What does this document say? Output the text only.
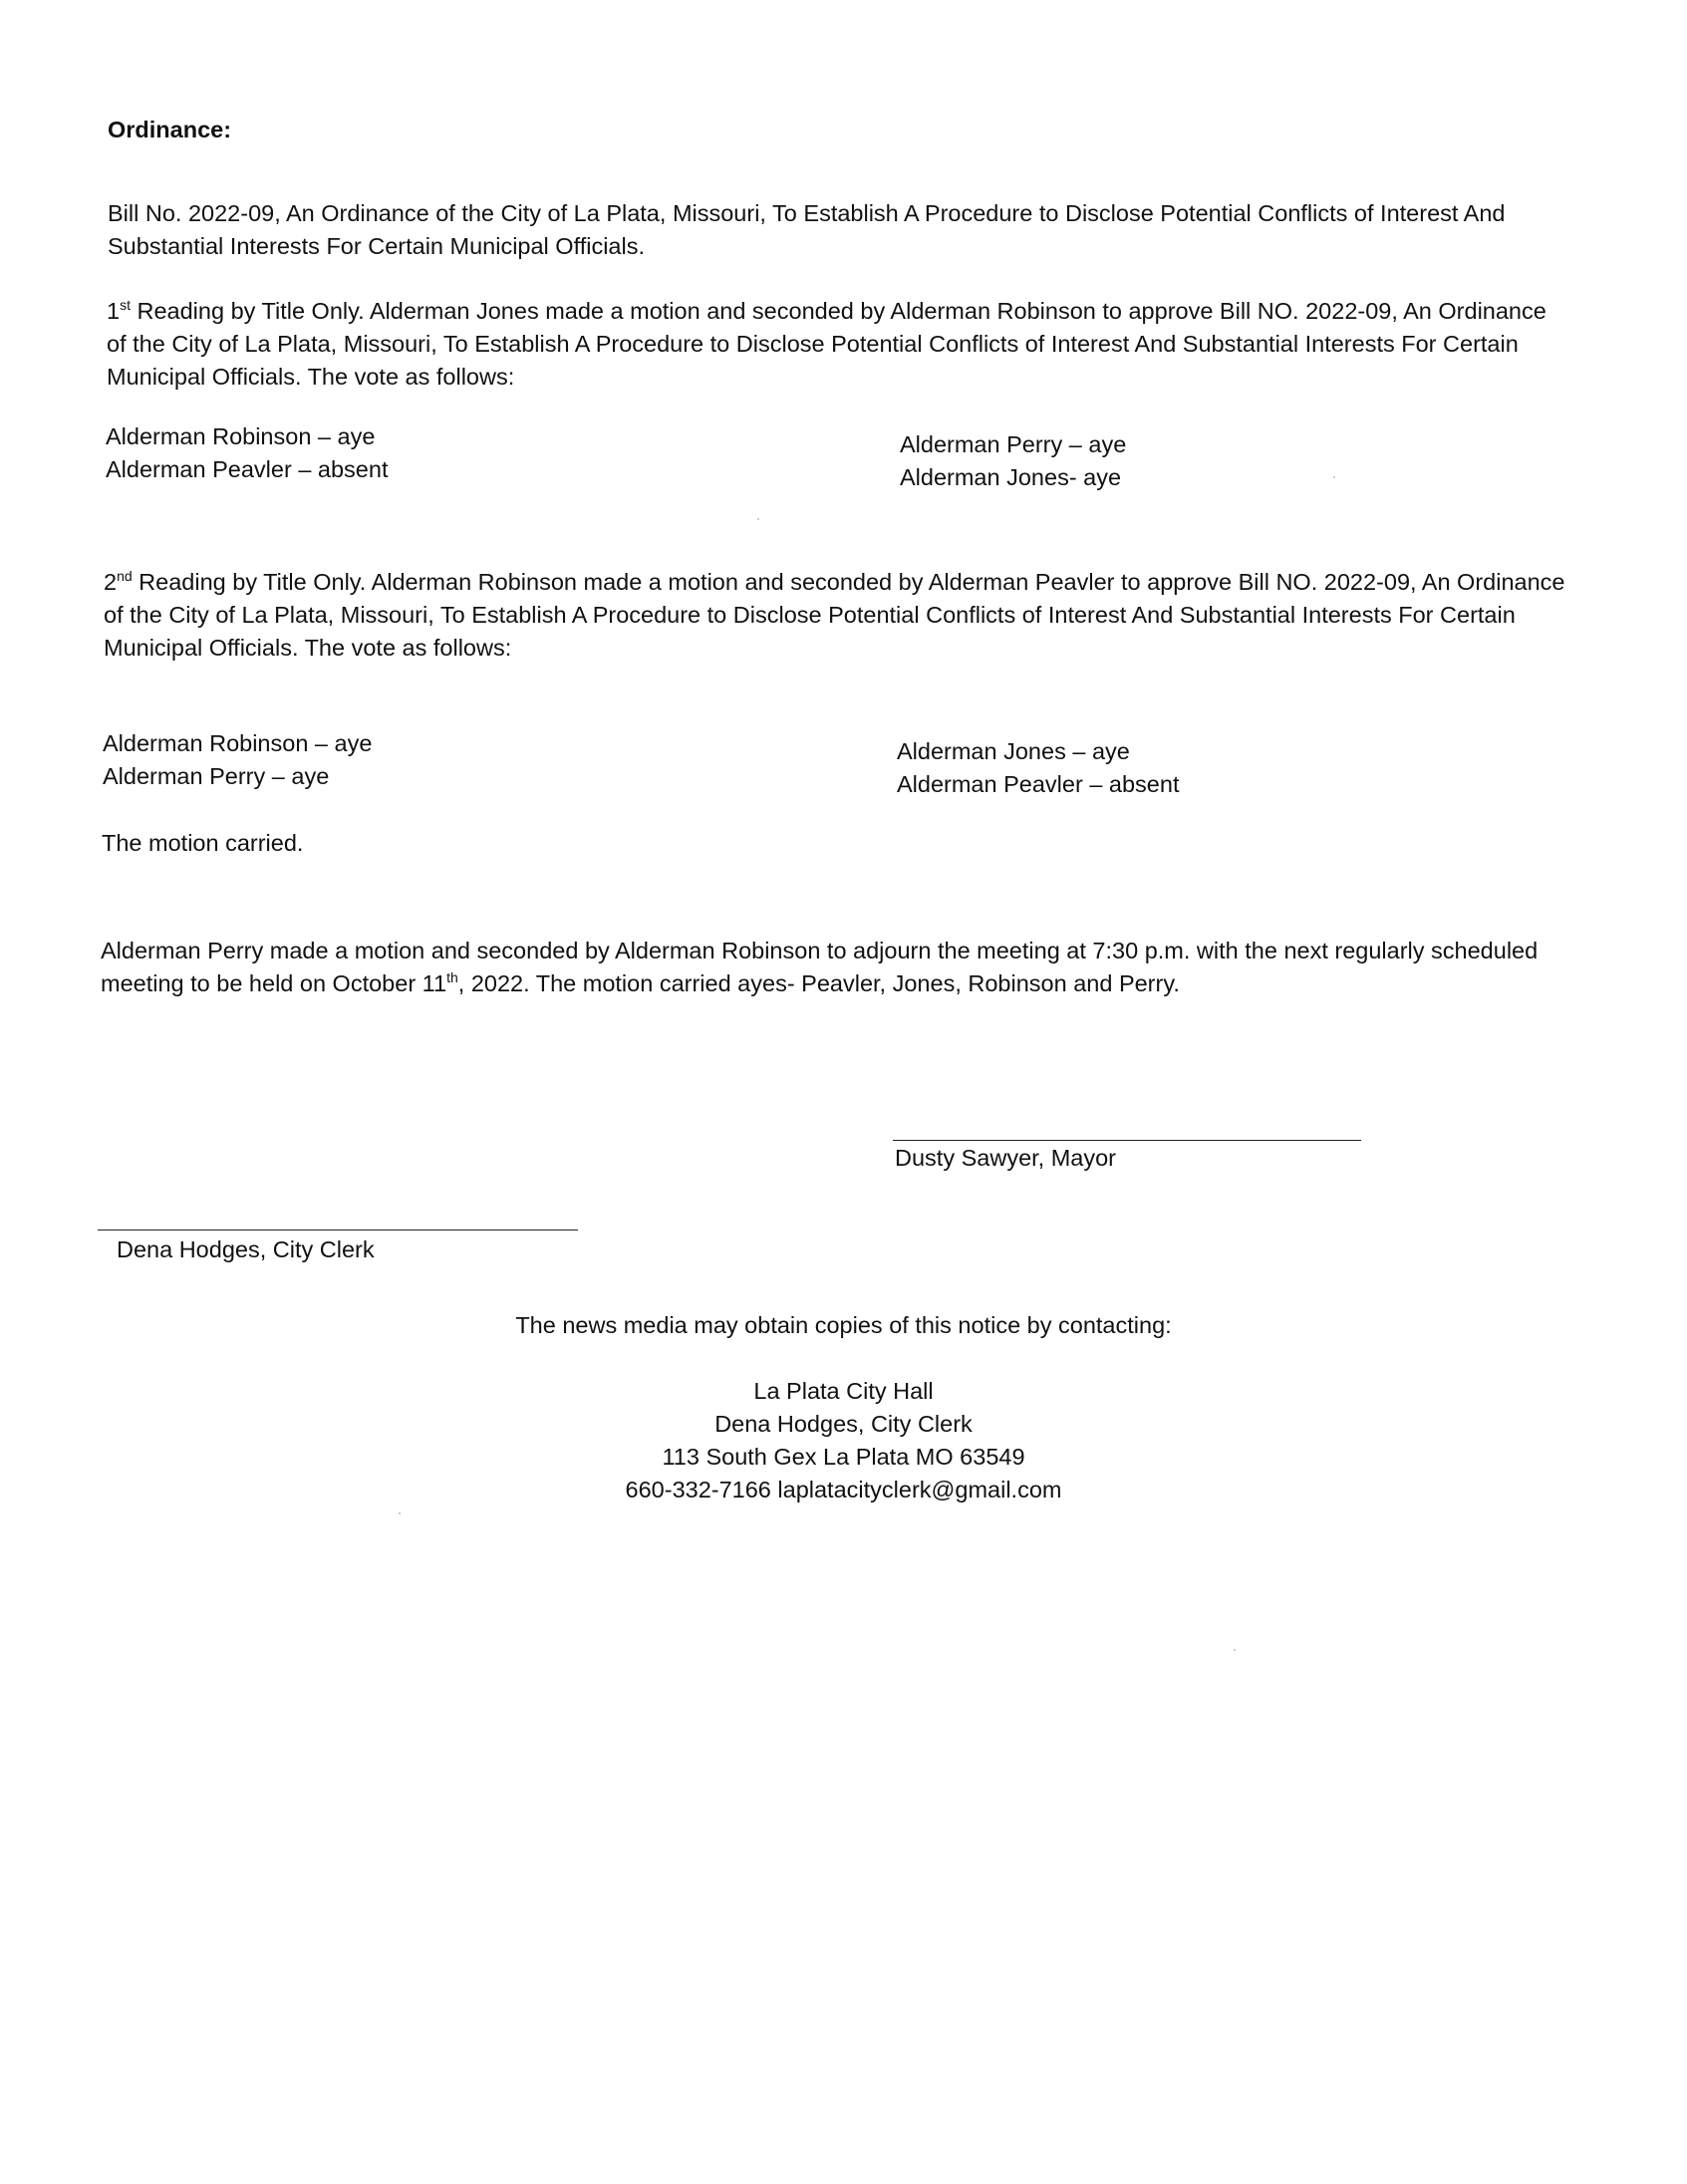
Ordinance:
Bill No. 2022-09, An Ordinance of the City of La Plata, Missouri, To Establish A Procedure to Disclose Potential Conflicts of Interest And Substantial Interests For Certain Municipal Officials.
1st Reading by Title Only. Alderman Jones made a motion and seconded by Alderman Robinson to approve Bill NO. 2022-09, An Ordinance of the City of La Plata, Missouri, To Establish A Procedure to Disclose Potential Conflicts of Interest And Substantial Interests For Certain Municipal Officials. The vote as follows:
Alderman Robinson – aye
Alderman Peavler – absent
Alderman Perry – aye
Alderman Jones- aye
2nd Reading by Title Only. Alderman Robinson made a motion and seconded by Alderman Peavler to approve Bill NO. 2022-09, An Ordinance of the City of La Plata, Missouri, To Establish A Procedure to Disclose Potential Conflicts of Interest And Substantial Interests For Certain Municipal Officials. The vote as follows:
Alderman Robinson – aye
Alderman Perry – aye
Alderman Jones – aye
Alderman Peavler – absent
The motion carried.
Alderman Perry made a motion and seconded by Alderman Robinson to adjourn the meeting at 7:30 p.m. with the next regularly scheduled meeting to be held on October 11th, 2022. The motion carried ayes- Peavler, Jones, Robinson and Perry.
Dusty Sawyer, Mayor
Dena Hodges, City Clerk
The news media may obtain copies of this notice by contacting:
La Plata City Hall
Dena Hodges, City Clerk
113 South Gex La Plata MO 63549
660-332-7166 laplatacityclerk@gmail.com
